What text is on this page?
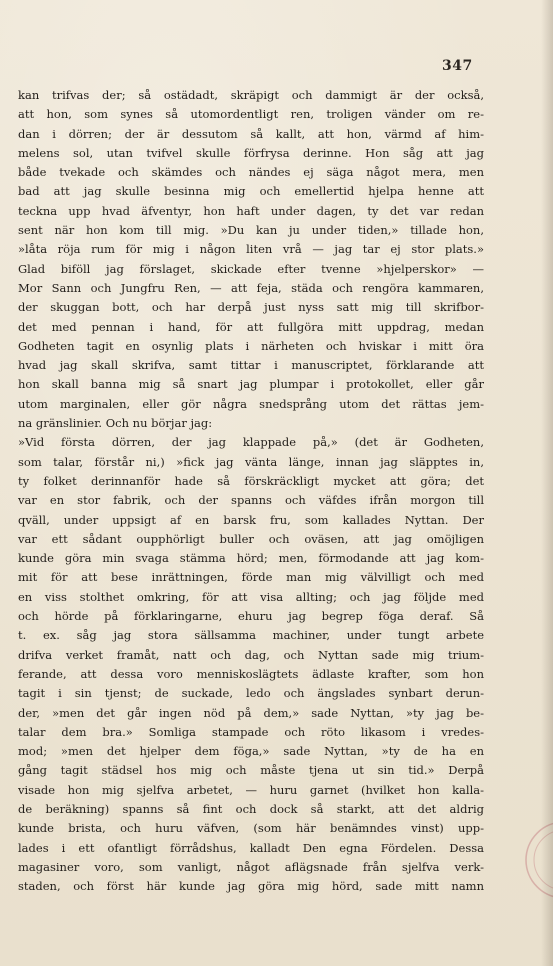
347
kan trifvas der; så ostädadt, skräpigt och dammigt är der också,
att hon, som synes så utomordentligt ren, troligen vänder om re-
dan i dörren; der är dessutom så kallt, att hon, värmd af him-
melens sol, utan tvifvel skulle förfrysa derinne. Hon såg att jag
både tvekade och skämdes och nändes ej säga något mera, men
bad att jag skulle besinna mig och emellertid hjelpa henne att
teckna upp hvad äfventyr, hon haft under dagen, ty det var redan
sent när hon kom till mig. »Du kan ju under tiden,» tillade hon,
»låta röja rum för mig i någon liten vrå — jag tar ej stor plats.»
Glad biföll jag förslaget, skickade efter tvenne »hjelperskor» —
Mor Sann och Jungfru Ren, — att feja, städa och rengöra kammaren,
der skuggan bott, och har derpå just nyss satt mig till skrifbor-
det med pennan i hand, för att fullgöra mitt uppdrag, medan
Godheten tagit en osynlig plats i närheten och hviskar i mitt öra
hvad jag skall skrifva, samt tittar i manuscriptet, förklarande att
hon skall banna mig så snart jag plumpar i protokollet, eller går
utom marginalen, eller gör några snedsprång utom det rättas jem-
na gränslinier. Och nu börjar jag:
»Vid första dörren, der jag klappade på,» (det är Godheten,
som talar, förstår ni,) »fick jag vänta länge, innan jag släpptes in,
ty folket derinnanför hade så förskräckligt mycket att göra; det
var en stor fabrik, och der spanns och väfdes ifrån morgon till
qväll, under uppsigt af en barsk fru, som kallades Nyttan. Der
var ett sådant oupphörligt buller och oväsen, att jag omöjligen
kunde göra min svaga stämma hörd; men, förmodande att jag kom-
mit för att bese inrättningen, förde man mig välvilligt och med
en viss stolthet omkring, för att visa allting; och jag följde med
och hörde på förklaringarne, ehuru jag begrep föga deraf. Så
t. ex. såg jag stora sällsamma machiner, under tungt arbete
drifva verket framåt, natt och dag, och Nyttan sade mig trium-
ferande, att dessa voro menniskoslägtets ädlaste krafter, som hon
tagit i sin tjenst; de suckade, ledo och ängslades synbart derun-
der, »men det går ingen nöd på dem,» sade Nyttan, »ty jag be-
talar dem bra.» Somliga stampade och röto likasom i vredes-
mod; »men det hjelper dem föga,» sade Nyttan, »ty de ha en
gång tagit städsel hos mig och måste tjena ut sin tid.» Derpå
visade hon mig sjelfva arbetet, — huru garnet (hvilket hon kalla-
de beräkning) spanns så fint och dock så starkt, att det aldrig
kunde brista, och huru väfven, (som här benämndes vinst) upp-
lades i ett ofantligt förrådshus, kalladt Den egna Fördelen. Dessa
magasiner voro, som vanligt, något aflägsnade från sjelfva verk-
staden, och först här kunde jag göra mig hörd, sade mitt namn
